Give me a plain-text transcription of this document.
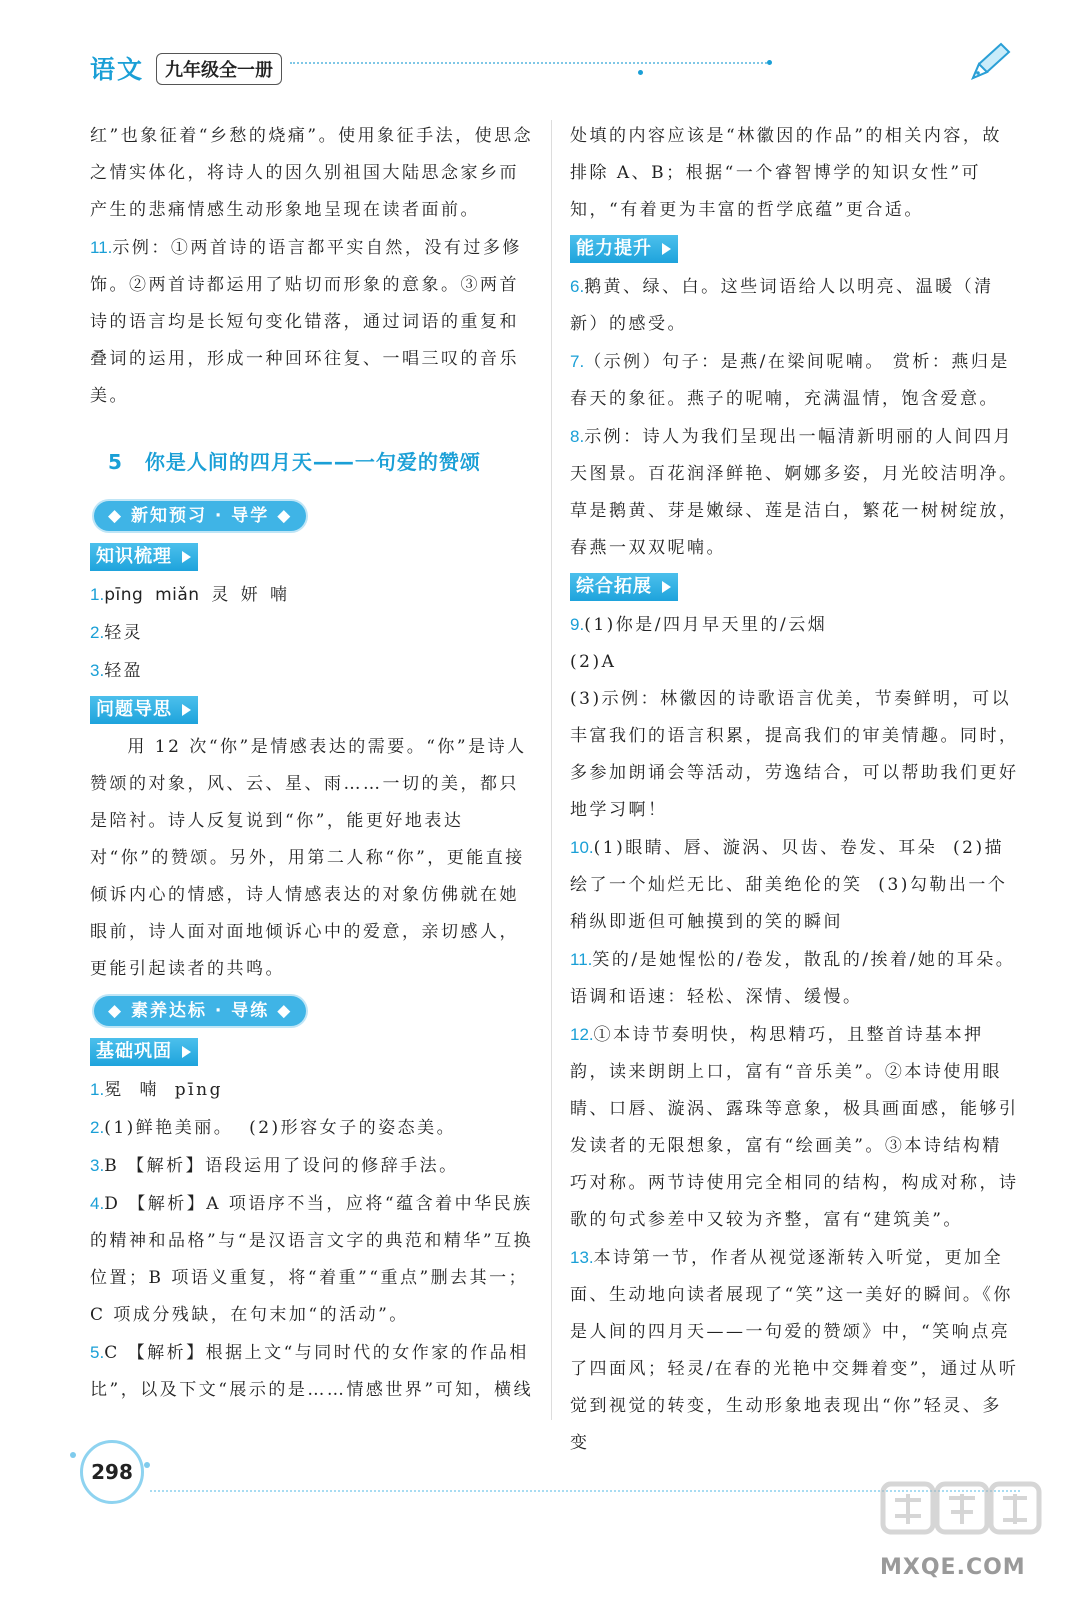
语文	九年级全一册

红”也象征着“乡愁的烧痛”。使用象征手法，使思念之情实体化，将诗人的因久别祖国大陆思念家乡而产生的悲痛情感生动形象地呈现在读者面前。

11.示例：①两首诗的语言都平实自然，没有过多修饰。②两首诗都运用了贴切而形象的意象。③两首诗的语言均是长短句变化错落，通过词语的重复和叠词的运用，形成一种回环往复、一唱三叹的音乐美。

5 你是人间的四月天——一句爱的赞颂
◆ 新知预习 · 导学 ◆
知识梳理

1.pīng  miǎn  灵  妍  喃

2.轻灵

3.轻盈

问题导思

用 12 次“你”是情感表达的需要。“你”是诗人赞颂的对象，风、云、星、雨……一切的美，都只是陪衬。诗人反复说到“你”，能更好地表达对“你”的赞颂。另外，用第二人称“你”，更能直接倾诉内心的情感，诗人情感表达的对象仿佛就在她眼前，诗人面对面地倾诉心中的爱意，亲切感人，更能引起读者的共鸣。

◆ 素养达标 · 导练 ◆
基础巩固

1.冕  喃  pīng

2.(1)鲜艳美丽。  (2)形容女子的姿态美。

3.B 【解析】语段运用了设问的修辞手法。

4.D 【解析】A 项语序不当，应将“蕴含着中华民族的精神和品格”与“是汉语言文字的典范和精华”互换位置；B 项语义重复，将“着重”“重点”删去其一；C 项成分残缺，在句末加“的活动”。

5.C 【解析】根据上文“与同时代的女作家的作品相比”，以及下文“展示的是……情感世界”可知，横线

处填的内容应该是“林徽因的作品”的相关内容，故排除 A、B；根据“一个睿智博学的知识女性”可知，“有着更为丰富的哲学底蕴”更合适。

能力提升

6.鹅黄、绿、白。这些词语给人以明亮、温暖（清新）的感受。

7.（示例）句子：是燕/在梁间呢喃。 赏析：燕归是春天的象征。燕子的呢喃，充满温情，饱含爱意。

8.示例：诗人为我们呈现出一幅清新明丽的人间四月天图景。百花润泽鲜艳、婀娜多姿，月光皎洁明净。草是鹅黄、芽是嫩绿、莲是洁白，繁花一树树绽放，春燕一双双呢喃。

综合拓展

9.(1)你是/四月早天里的/云烟

(2)A

(3)示例：林徽因的诗歌语言优美，节奏鲜明，可以丰富我们的语言积累，提高我们的审美情趣。同时，多参加朗诵会等活动，劳逸结合，可以帮助我们更好地学习啊！

10.(1)眼睛、唇、漩涡、贝齿、卷发、耳朵  (2)描绘了一个灿烂无比、甜美绝伦的笑  (3)勾勒出一个稍纵即逝但可触摸到的笑的瞬间

11.笑的/是她惺忪的/卷发，散乱的/挨着/她的耳朵。  语调和语速：轻松、深情、缓慢。

12.①本诗节奏明快，构思精巧，且整首诗基本押韵，读来朗朗上口，富有“音乐美”。②本诗使用眼睛、口唇、漩涡、露珠等意象，极具画面感，能够引发读者的无限想象，富有“绘画美”。③本诗结构精巧对称。两节诗使用完全相同的结构，构成对称，诗歌的句式参差中又较为齐整，富有“建筑美”。

13.本诗第一节，作者从视觉逐渐转入听觉，更加全面、生动地向读者展现了“笑”这一美好的瞬间。《你是人间的四月天——一句爱的赞颂》中，“笑响点亮了四面风；轻灵/在春的光艳中交舞着变”，通过从听觉到视觉的转变，生动形象地表现出“你”轻灵、多变

298
MXQE.COM
